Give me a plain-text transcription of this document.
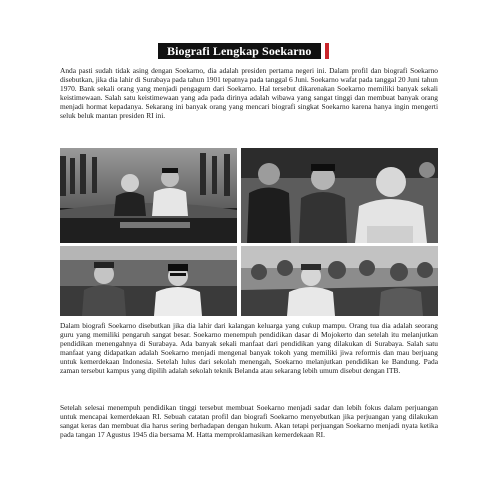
Biografi Lengkap Soekarno

Anda pasti sudah tidak asing dengan Soekarno, dia adalah presiden pertama negeri ini. Dalam profil dan biografi Soekarno disebutkan, jika dia lahir di Surabaya pada tahun 1901 tepatnya pada tanggal 6 Juni. Soekarno wafat pada tanggal 20 Juni tahun 1970. Bank sekali orang yang menjadi pengagum dari Soekarno. Hal tersebut dikarenakan Soekarno memiliki banyak sekali keistimewaan. Salah satu keistimewaan yang ada pada dirinya adalah wibawa yang sangat tinggi dan membuat banyak orang menjadi hormat kepadanya. Sekarang ini banyak orang yang mencari biografi singkat Soekarno karena hanya ingin mengerti seluk beluk mantan presiden RI ini.

Dalam biografi Soekarno disebutkan jika dia lahir dari kalangan keluarga yang cukup mampu. Orang tua dia adalah seorang guru yang memiliki pengaruh sangat besar. Soekarno menempuh pendidikan dasar di Mojokerto dan setelah itu melanjutkan pendidikan menengahnya di Surabaya. Ada banyak sekali manfaat dari pendidikan yang dilakukan di Surabaya. Salah satu manfaat yang didapatkan adalah Soekarno menjadi mengenal banyak tokoh yang memiliki jiwa reformis dan mau berjuang untuk kemerdekaan Indonesia. Setelah lulus dari sekolah menengah, Soekarno melanjutkan pendidikan ke Bandung. Pada zaman tersebut kampus yang dipilih adalah sekolah teknik Belanda atau sekarang lebih umum disebut dengan ITB.

Setelah selesai menempuh pendidikan tinggi tersebut membuat Soekarno menjadi sadar dan lebih fokus dalam perjuangan untuk mencapai kemerdekaan RI. Sebuah catatan profil dan biografi Soekarno menyebutkan jika perjuangan yang dilakukan sangat keras dan membuat dia harus sering berhadapan dengan hukum. Akan tetapi perjuangan Soekarno menjadi nyata ketika pada tangan 17 Agustus 1945 dia bersama M. Hatta memproklamasikan kemerdekaan RI.
